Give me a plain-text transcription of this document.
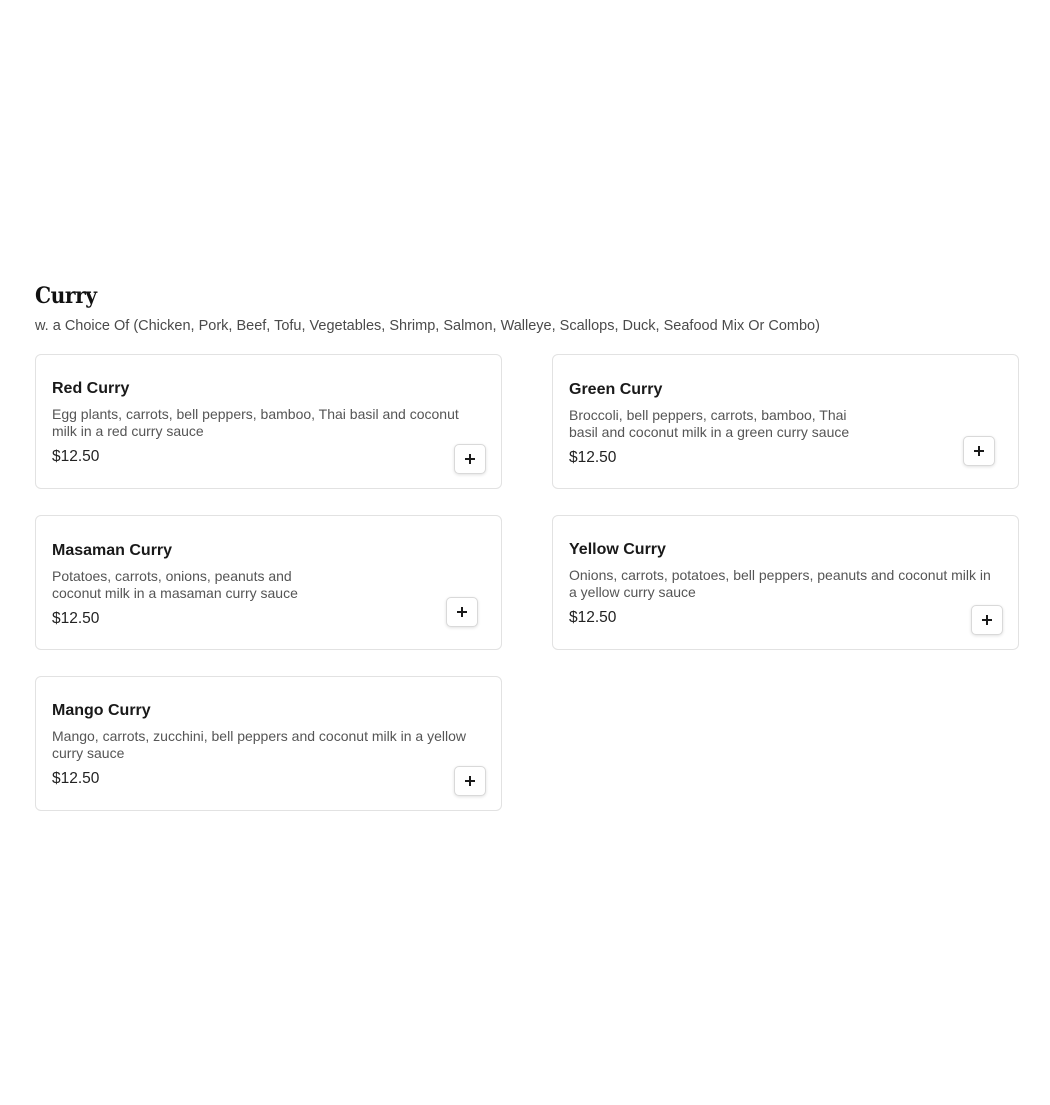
Curry

w. a Choice Of (Chicken, Pork, Beef, Tofu, Vegetables, Shrimp, Salmon, Walleye, Scallops, Duck, Seafood Mix Or Combo)

Red Curry

Egg plants, carrots, bell peppers, bamboo, Thai basil and coconut milk in a red curry sauce

$12.50

Green Curry

Broccoli, bell peppers, carrots, bamboo, Thai basil and coconut milk in a green curry sauce

$12.50

Masaman Curry

Potatoes, carrots, onions, peanuts and coconut milk in a masaman curry sauce

$12.50

Yellow Curry

Onions, carrots, potatoes, bell peppers, peanuts and coconut milk in a yellow curry sauce

$12.50

Mango Curry

Mango, carrots, zucchini, bell peppers and coconut milk in a yellow curry sauce

$12.50
